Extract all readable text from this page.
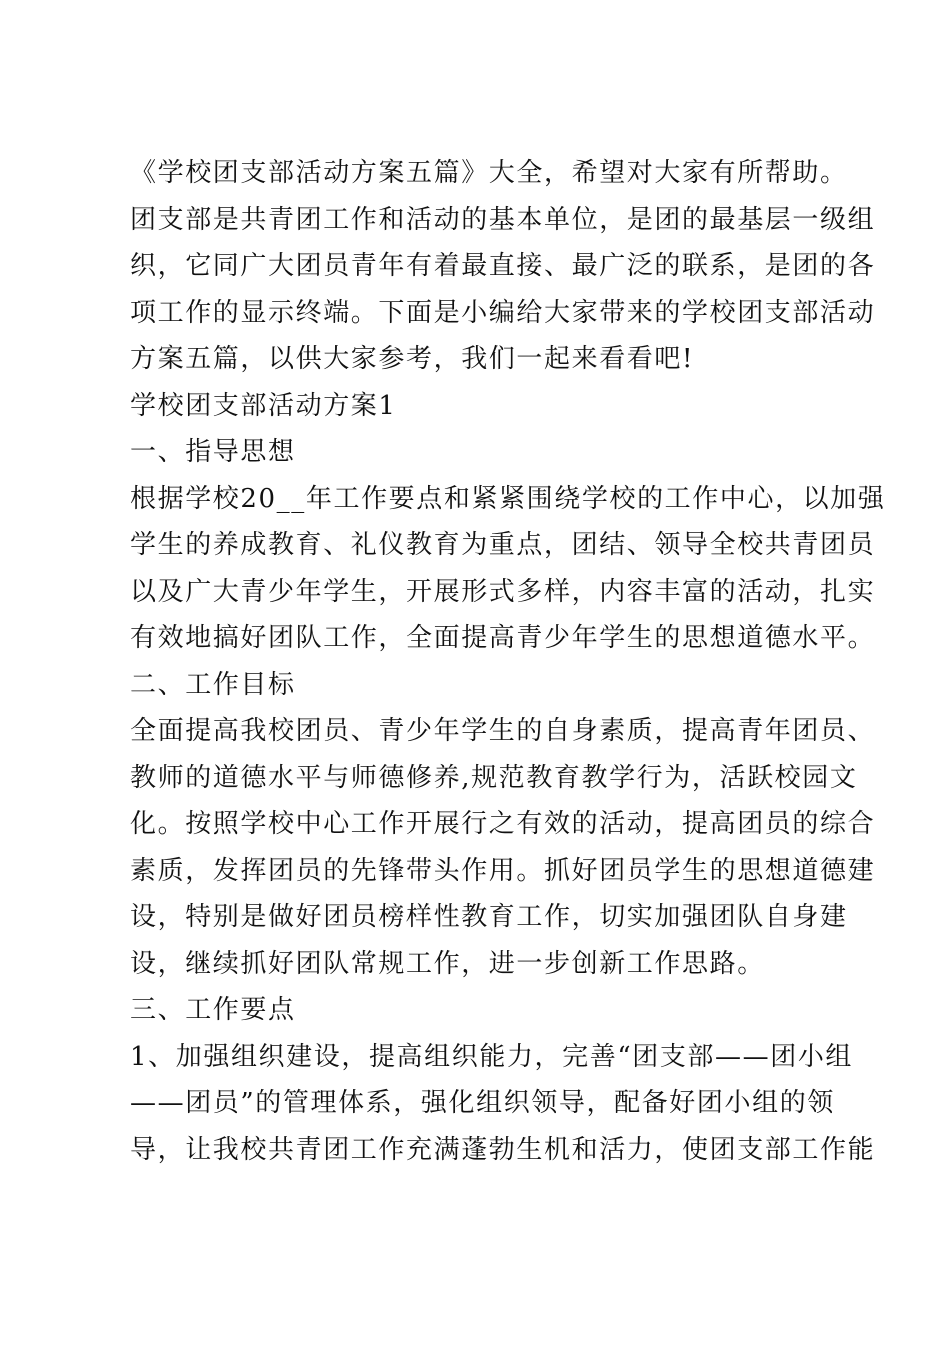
《学校团支部活动方案五篇》大全，希望对大家有所帮助。
团支部是共青团工作和活动的基本单位，是团的最基层一级组
织，它同广大团员青年有着最直接、最广泛的联系，是团的各
项工作的显示终端。下面是小编给大家带来的学校团支部活动
方案五篇，以供大家参考，我们一起来看看吧!
学校团支部活动方案1
一、指导思想
根据学校20__年工作要点和紧紧围绕学校的工作中心，以加强
学生的养成教育、礼仪教育为重点，团结、领导全校共青团员
以及广大青少年学生，开展形式多样，内容丰富的活动，扎实
有效地搞好团队工作，全面提高青少年学生的思想道德水平。
二、工作目标
全面提高我校团员、青少年学生的自身素质，提高青年团员、
教师的道德水平与师德修养,规范教育教学行为，活跃校园文
化。按照学校中心工作开展行之有效的活动，提高团员的综合
素质，发挥团员的先锋带头作用。抓好团员学生的思想道德建
设，特别是做好团员榜样性教育工作，切实加强团队自身建
设，继续抓好团队常规工作，进一步创新工作思路。
三、工作要点
1、加强组织建设，提高组织能力，完善“团支部——团小组
——团员”的管理体系，强化组织领导，配备好团小组的领
导，让我校共青团工作充满蓬勃生机和活力，使团支部工作能
